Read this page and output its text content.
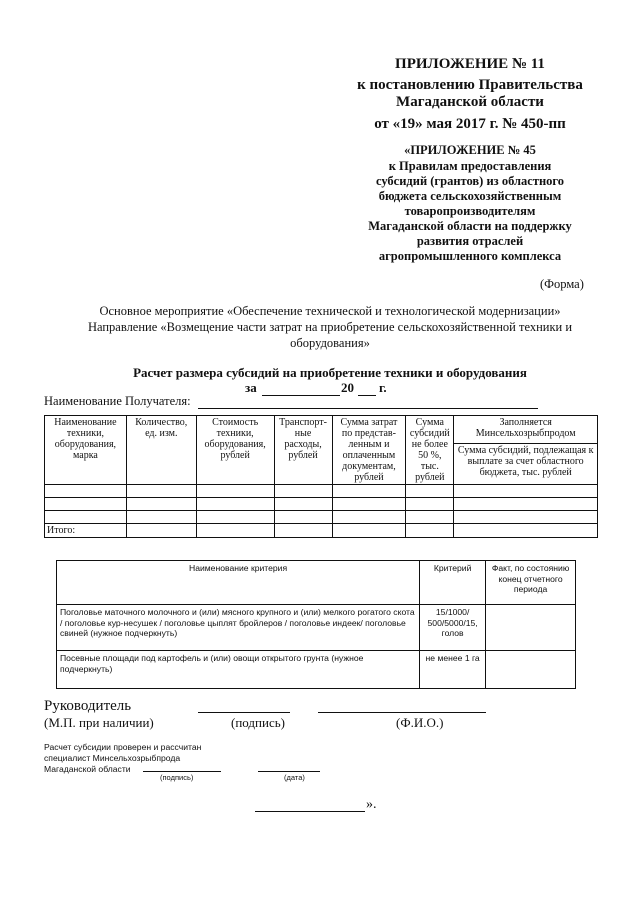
ПРИЛОЖЕНИЕ № 11
к постановлению Правительства
Магаданской области
от «19» мая 2017 г. № 450-пп
«ПРИЛОЖЕНИЕ № 45
к Правилам предоставления
субсидий (грантов) из областного
бюджета сельскохозяйственным
товаропроизводителям
Магаданской области на поддержку
развития отраслей
агропромышленного комплекса
(Форма)
Основное мероприятие «Обеспечение технической и технологической модернизации»
Направление «Возмещение части затрат на приобретение сельскохозяйственной техники и
оборудования»
Расчет размера субсидий на приобретение техники и оборудования
за	20 г.
Наименование Получателя:
Наименование техники, оборудования, марка	Количество, ед. изм.	Стоимость техники, оборудования, рублей	Транспорт-ные расходы, рублей	Сумма затрат по представ-ленным и оплаченным документам, рублей	Сумма субсидий не более 50 %, тыс. рублей	Заполняется Минсельхозрыбпродом
						Сумма субсидий, подлежащая к выплате за счет областного бюджета, тыс. рублей

Итого:						
Наименование критерия	Критерий	Факт, по состоянию конец отчетного периода
Поголовье маточного молочного и (или) мясного крупного и (или) мелкого рогатого скота / поголовье кур-несушек / поголовье цыплят бройлеров / поголовье индеек/ поголовье свиней (нужное подчеркнуть)	15/1000/ 500/5000/15, голов	
Посевные площади под картофель и (или) овощи открытого грунта (нужное подчеркнуть)	не менее 1 га	
Руководитель
(М.П. при наличии)	(подпись)	(Ф.И.О.)
Расчет субсидии проверен и рассчитан
специалист Минсельхозрыбпрода
Магаданской области
(подпись)	(дата)
».
